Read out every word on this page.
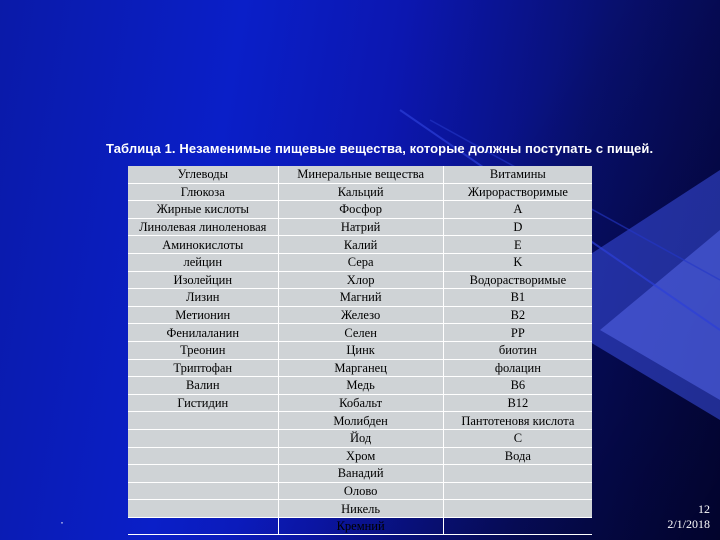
Таблица 1. Незаменимые пищевые вещества, которые должны поступать с пищей.
Углеводы	Минеральные вещества	Витамины
Глюкоза	Кальций	Жирорастворимые
Жирные кислоты	Фосфор	A
Линолевая линоленовая	Натрий	D
Аминокислоты	Калий	E
лейцин	Сера	K
Изолейцин	Хлор	Водорастворимые
Лизин	Магний	B1
Метионин	Железо	B2
Фенилаланин	Селен	PP
Треонин	Цинк	биотин
Триптофан	Марганец	фолацин
Валин	Медь	B6
Гистидин	Кобальт	B12
	Молибден	Пантотеновя кислота
	Йод	C
	Хром	Вода
	Ванадий	
	Олово	
	Никель	
	Кремний	
·
12
2/1/2018
